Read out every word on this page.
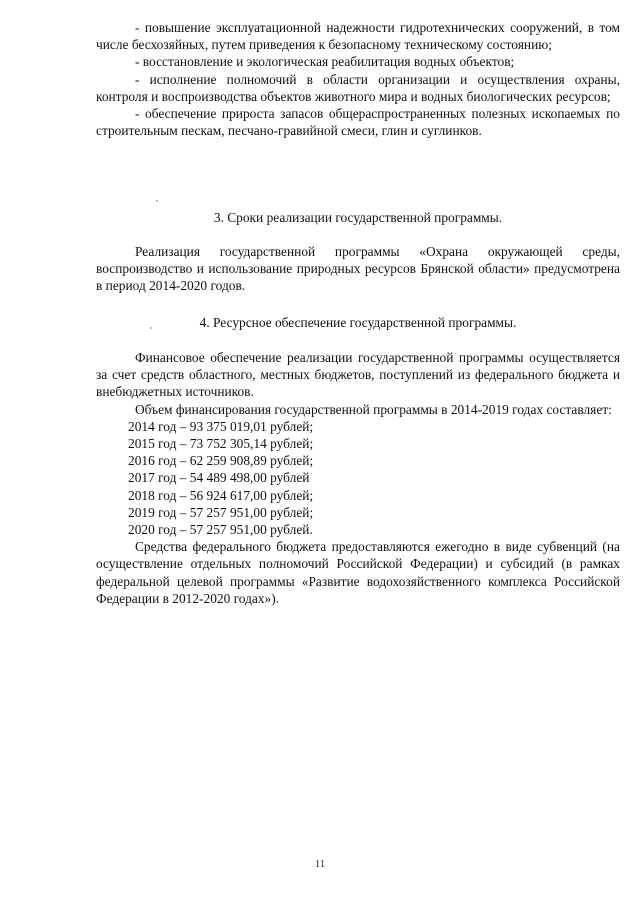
- повышение эксплуатационной надежности гидротехнических сооружений, в том числе бесхозяйных, путем приведения к безопасному техническому состоянию;

- восстановление и экологическая реабилитация водных объектов;

- исполнение полномочий в области организации и осуществления охраны, контроля и воспроизводства объектов животного мира и водных биологических ресурсов;

- обеспечение прироста запасов общераспространенных полезных ископаемых по строительным пескам, песчано-гравийной смеси, глин и суглинков.

3. Сроки реализации государственной программы.

Реализация государственной программы «Охрана окружающей среды, воспроизводство и использование природных ресурсов Брянской области» предусмотрена в период 2014-2020 годов.

4. Ресурсное обеспечение государственной программы.

Финансовое обеспечение реализации государственной программы осуществляется за счет средств областного, местных бюджетов, поступлений из федерального бюджета и внебюджетных источников.

Объем финансирования государственной программы в 2014-2019 годах составляет:

2014 год – 93 375 019,01 рублей;
2015 год – 73 752 305,14 рублей;
2016 год – 62 259 908,89 рублей;
2017 год – 54 489 498,00 рублей
2018 год – 56 924 617,00 рублей;
2019 год – 57 257 951,00 рублей;
2020 год – 57 257 951,00 рублей.

Средства федерального бюджета предоставляются ежегодно в виде субвенций (на осуществление отдельных полномочий Российской Федерации) и субсидий (в рамках федеральной целевой программы «Развитие водохозяйственного комплекса Российской Федерации в 2012-2020 годах»).

11
